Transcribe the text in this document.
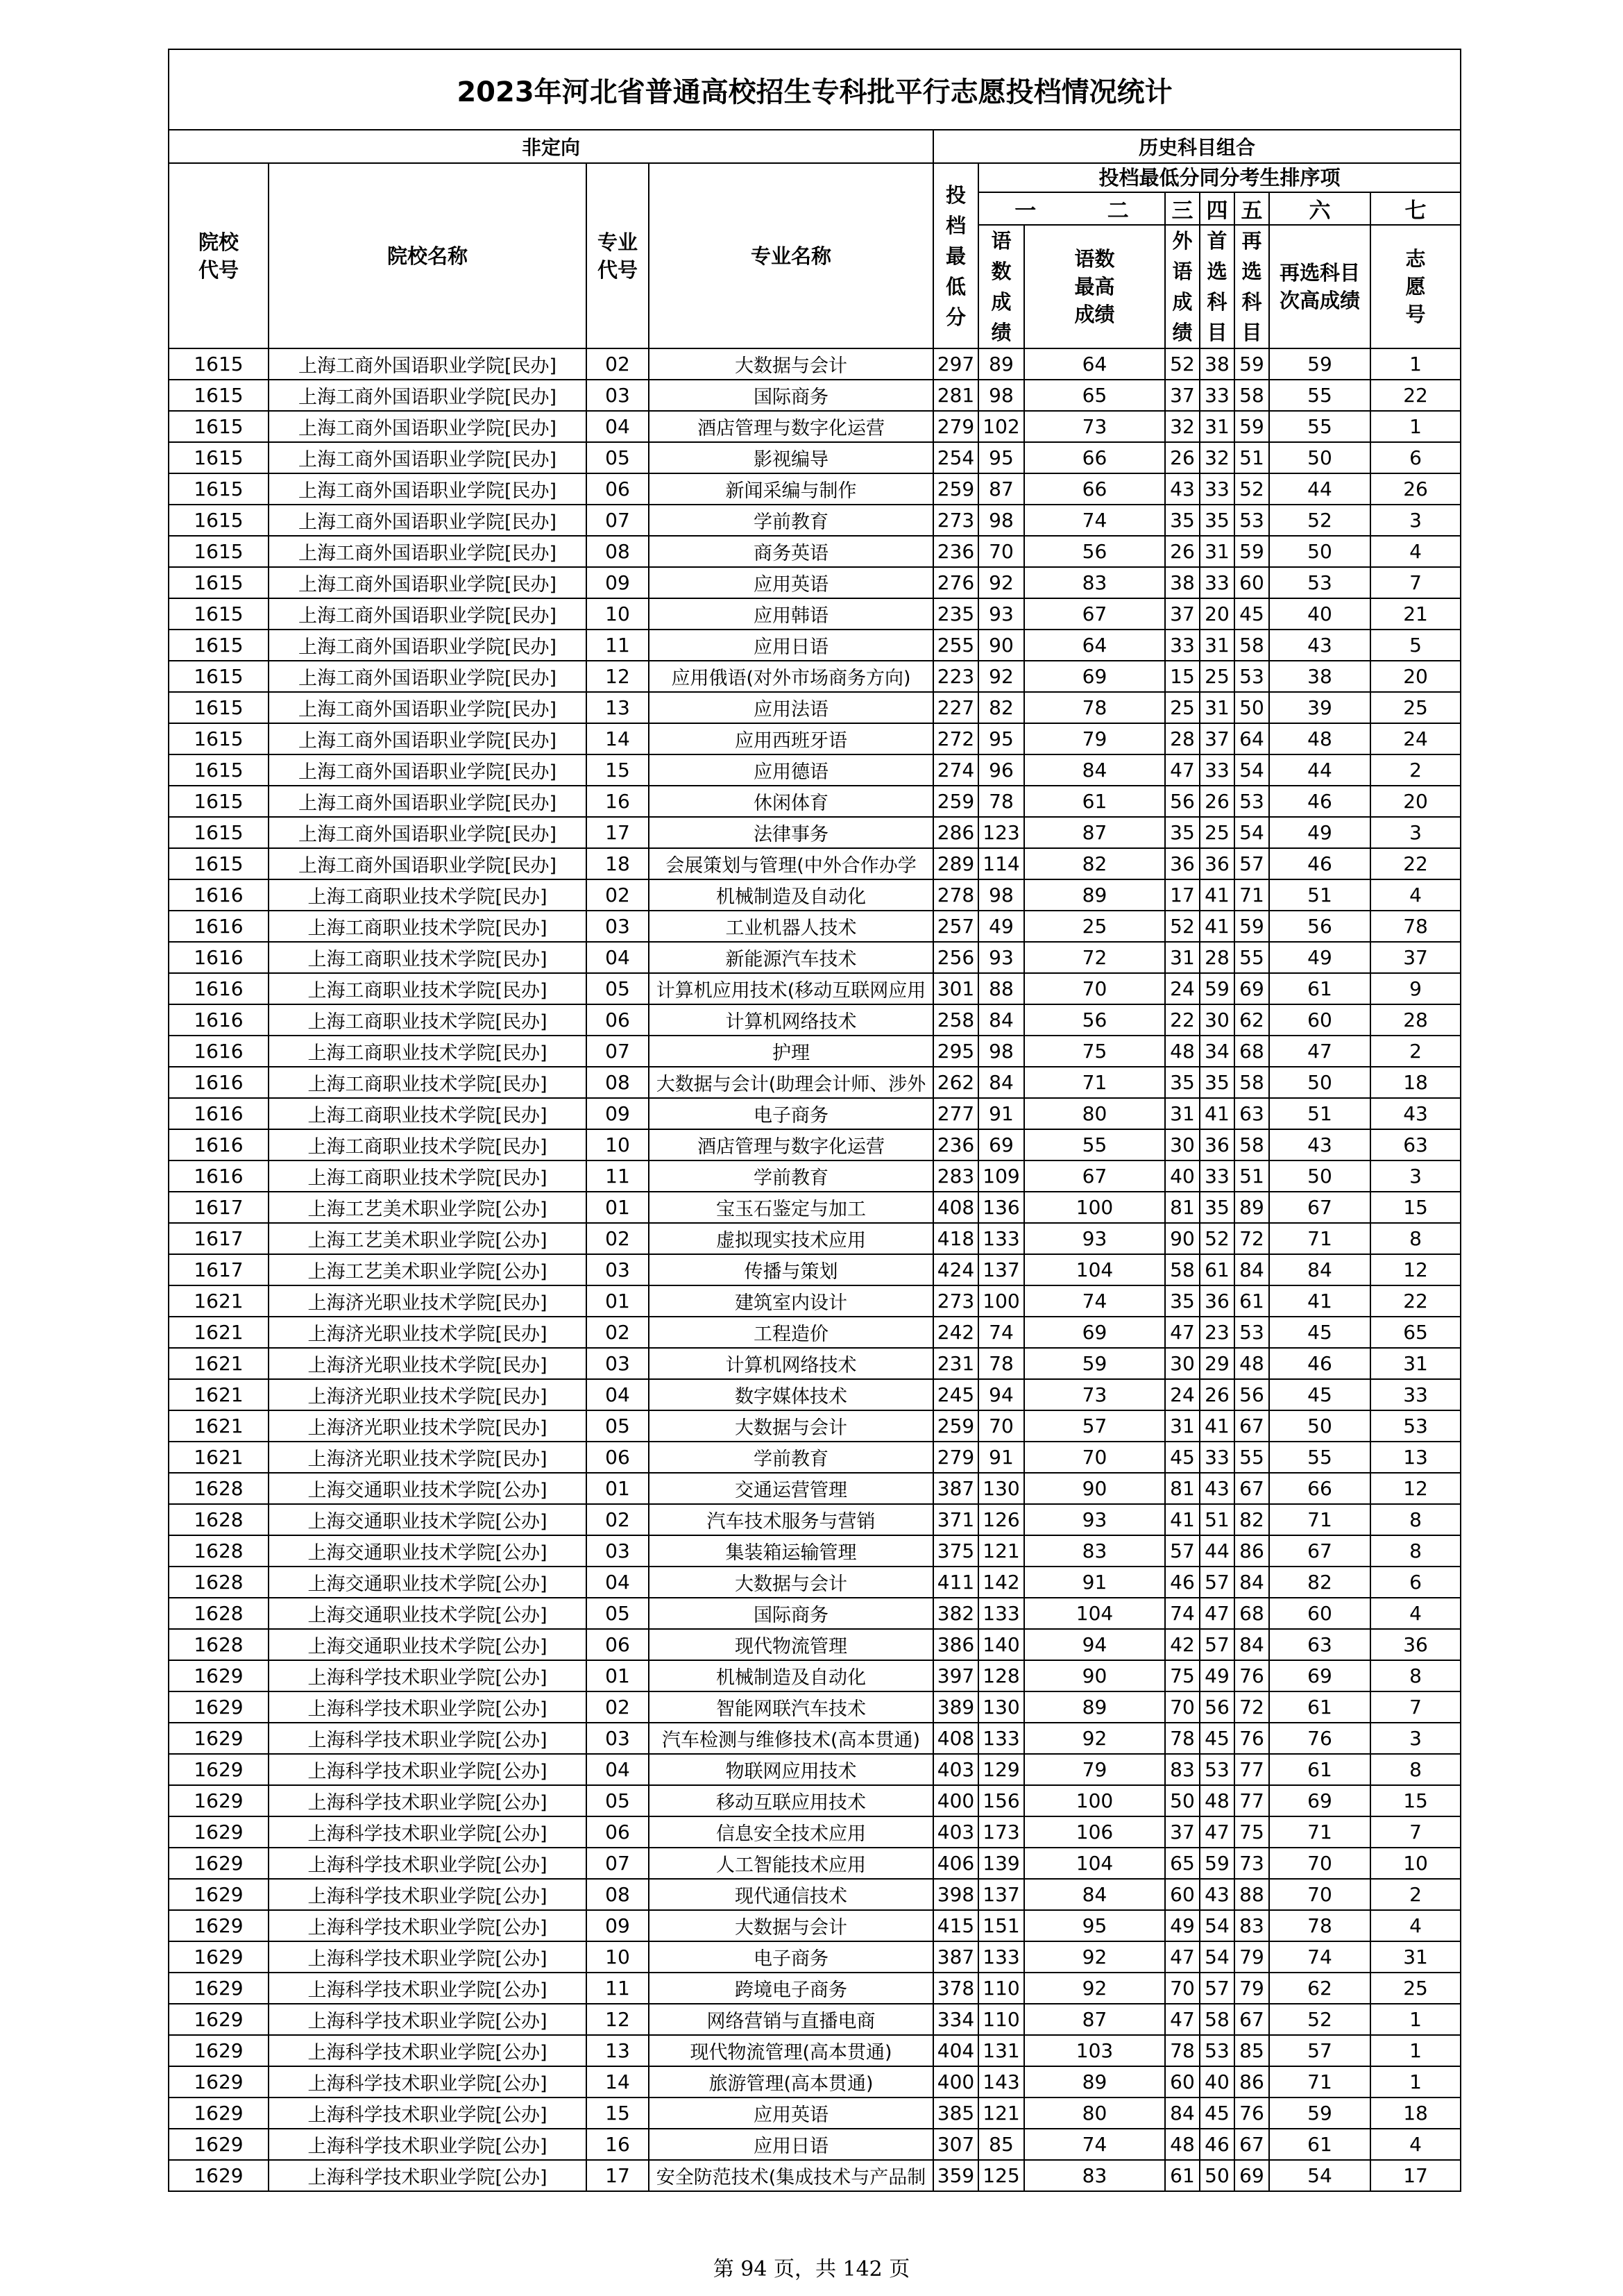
2023年河北省普通高校招生专科批平行志愿投档情况统计											
非定向				历史科目组合							
院校代号	院校名称	专业代号	专业名称	投档最低分	投档最低分同分考生排序项						
					一 二		三	四	五	六	七
					语数成绩	语数最高成绩	外语成绩	首选科目	再选科目	再选科目次高成绩	志愿号
1615	上海工商外国语职业学院[民办]	02	大数据与会计	297	89	64	52	38	59	59	1
1615	上海工商外国语职业学院[民办]	03	国际商务	281	98	65	37	33	58	55	22
1615	上海工商外国语职业学院[民办]	04	酒店管理与数字化运营	279	102	73	32	31	59	55	1
1615	上海工商外国语职业学院[民办]	05	影视编导	254	95	66	26	32	51	50	6
1615	上海工商外国语职业学院[民办]	06	新闻采编与制作	259	87	66	43	33	52	44	26
1615	上海工商外国语职业学院[民办]	07	学前教育	273	98	74	35	35	53	52	3
1615	上海工商外国语职业学院[民办]	08	商务英语	236	70	56	26	31	59	50	4
1615	上海工商外国语职业学院[民办]	09	应用英语	276	92	83	38	33	60	53	7
1615	上海工商外国语职业学院[民办]	10	应用韩语	235	93	67	37	20	45	40	21
1615	上海工商外国语职业学院[民办]	11	应用日语	255	90	64	33	31	58	43	5
1615	上海工商外国语职业学院[民办]	12	应用俄语(对外市场商务方向)	223	92	69	15	25	53	38	20
1615	上海工商外国语职业学院[民办]	13	应用法语	227	82	78	25	31	50	39	25
1615	上海工商外国语职业学院[民办]	14	应用西班牙语	272	95	79	28	37	64	48	24
1615	上海工商外国语职业学院[民办]	15	应用德语	274	96	84	47	33	54	44	2
1615	上海工商外国语职业学院[民办]	16	休闲体育	259	78	61	56	26	53	46	20
1615	上海工商外国语职业学院[民办]	17	法律事务	286	123	87	35	25	54	49	3
1615	上海工商外国语职业学院[民办]	18	会展策划与管理(中外合作办学	289	114	82	36	36	57	46	22
1616	上海工商职业技术学院[民办]	02	机械制造及自动化	278	98	89	17	41	71	51	4
1616	上海工商职业技术学院[民办]	03	工业机器人技术	257	49	25	52	41	59	56	78
1616	上海工商职业技术学院[民办]	04	新能源汽车技术	256	93	72	31	28	55	49	37
1616	上海工商职业技术学院[民办]	05	计算机应用技术(移动互联网应用	301	88	70	24	59	69	61	9
1616	上海工商职业技术学院[民办]	06	计算机网络技术	258	84	56	22	30	62	60	28
1616	上海工商职业技术学院[民办]	07	护理	295	98	75	48	34	68	47	2
1616	上海工商职业技术学院[民办]	08	大数据与会计(助理会计师、涉外	262	84	71	35	35	58	50	18
1616	上海工商职业技术学院[民办]	09	电子商务	277	91	80	31	41	63	51	43
1616	上海工商职业技术学院[民办]	10	酒店管理与数字化运营	236	69	55	30	36	58	43	63
1616	上海工商职业技术学院[民办]	11	学前教育	283	109	67	40	33	51	50	3
1617	上海工艺美术职业学院[公办]	01	宝玉石鉴定与加工	408	136	100	81	35	89	67	15
1617	上海工艺美术职业学院[公办]	02	虚拟现实技术应用	418	133	93	90	52	72	71	8
1617	上海工艺美术职业学院[公办]	03	传播与策划	424	137	104	58	61	84	84	12
1621	上海济光职业技术学院[民办]	01	建筑室内设计	273	100	74	35	36	61	41	22
1621	上海济光职业技术学院[民办]	02	工程造价	242	74	69	47	23	53	45	65
1621	上海济光职业技术学院[民办]	03	计算机网络技术	231	78	59	30	29	48	46	31
1621	上海济光职业技术学院[民办]	04	数字媒体技术	245	94	73	24	26	56	45	33
1621	上海济光职业技术学院[民办]	05	大数据与会计	259	70	57	31	41	67	50	53
1621	上海济光职业技术学院[民办]	06	学前教育	279	91	70	45	33	55	55	13
1628	上海交通职业技术学院[公办]	01	交通运营管理	387	130	90	81	43	67	66	12
1628	上海交通职业技术学院[公办]	02	汽车技术服务与营销	371	126	93	41	51	82	71	8
1628	上海交通职业技术学院[公办]	03	集装箱运输管理	375	121	83	57	44	86	67	8
1628	上海交通职业技术学院[公办]	04	大数据与会计	411	142	91	46	57	84	82	6
1628	上海交通职业技术学院[公办]	05	国际商务	382	133	104	74	47	68	60	4
1628	上海交通职业技术学院[公办]	06	现代物流管理	386	140	94	42	57	84	63	36
1629	上海科学技术职业学院[公办]	01	机械制造及自动化	397	128	90	75	49	76	69	8
1629	上海科学技术职业学院[公办]	02	智能网联汽车技术	389	130	89	70	56	72	61	7
1629	上海科学技术职业学院[公办]	03	汽车检测与维修技术(高本贯通)	408	133	92	78	45	76	76	3
1629	上海科学技术职业学院[公办]	04	物联网应用技术	403	129	79	83	53	77	61	8
1629	上海科学技术职业学院[公办]	05	移动互联应用技术	400	156	100	50	48	77	69	15
1629	上海科学技术职业学院[公办]	06	信息安全技术应用	403	173	106	37	47	75	71	7
1629	上海科学技术职业学院[公办]	07	人工智能技术应用	406	139	104	65	59	73	70	10
1629	上海科学技术职业学院[公办]	08	现代通信技术	398	137	84	60	43	88	70	2
1629	上海科学技术职业学院[公办]	09	大数据与会计	415	151	95	49	54	83	78	4
1629	上海科学技术职业学院[公办]	10	电子商务	387	133	92	47	54	79	74	31
1629	上海科学技术职业学院[公办]	11	跨境电子商务	378	110	92	70	57	79	62	25
1629	上海科学技术职业学院[公办]	12	网络营销与直播电商	334	110	87	47	58	67	52	1
1629	上海科学技术职业学院[公办]	13	现代物流管理(高本贯通)	404	131	103	78	53	85	57	1
1629	上海科学技术职业学院[公办]	14	旅游管理(高本贯通)	400	143	89	60	40	86	71	1
1629	上海科学技术职业学院[公办]	15	应用英语	385	121	80	84	45	76	59	18
1629	上海科学技术职业学院[公办]	16	应用日语	307	85	74	48	46	67	61	4
1629	上海科学技术职业学院[公办]	17	安全防范技术(集成技术与产品制	359	125	83	61	50	69	54	17
第 94 页，共 142 页
